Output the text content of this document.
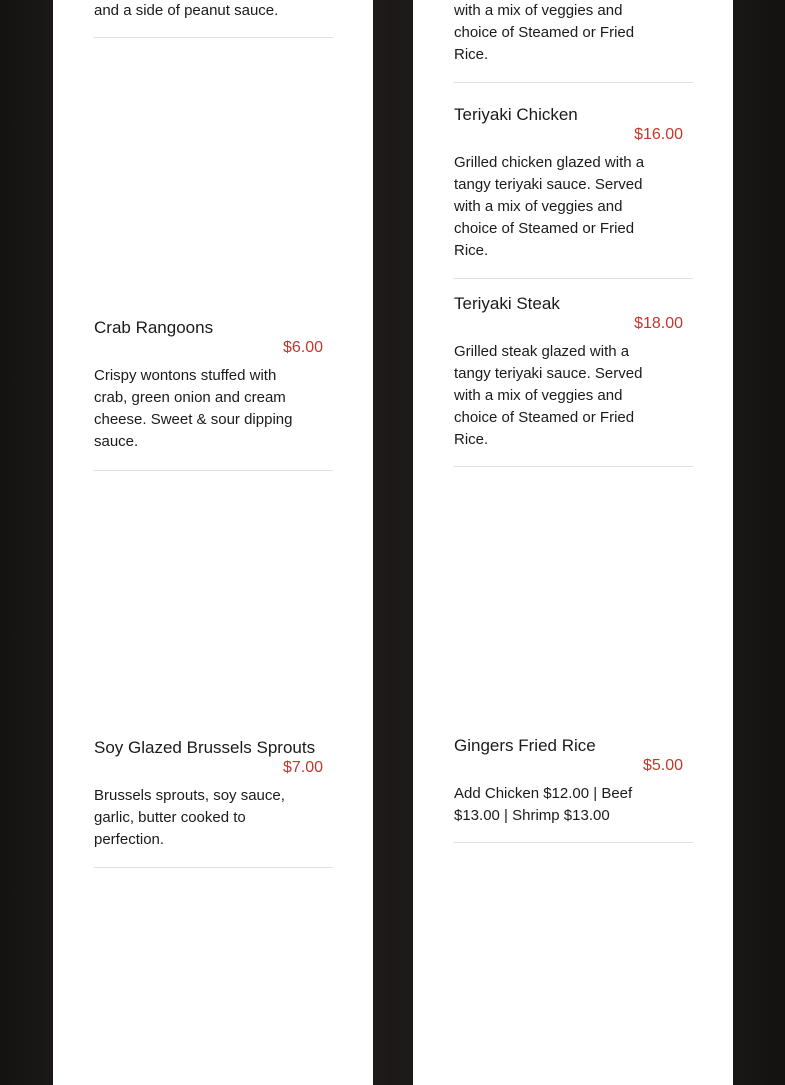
and a side of peanut sauce.
Crab Rangoons
$6.00
Crispy wontons stuffed with crab, green onion and cream cheese. Sweet & sour dipping sauce.
Soy Glazed Brussels Sprouts
$7.00
Brussels sprouts, soy sauce, garlic, butter cooked to perfection.
with a mix of veggies and choice of Steamed or Fried Rice.
Teriyaki Chicken
$16.00
Grilled chicken glazed with a tangy teriyaki sauce. Served with a mix of veggies and choice of Steamed or Fried Rice.
Teriyaki Steak
$18.00
Grilled steak glazed with a tangy teriyaki sauce. Served with a mix of veggies and choice of Steamed or Fried Rice.
Gingers Fried Rice
$5.00
Add Chicken $12.00 | Beef $13.00 | Shrimp $13.00
